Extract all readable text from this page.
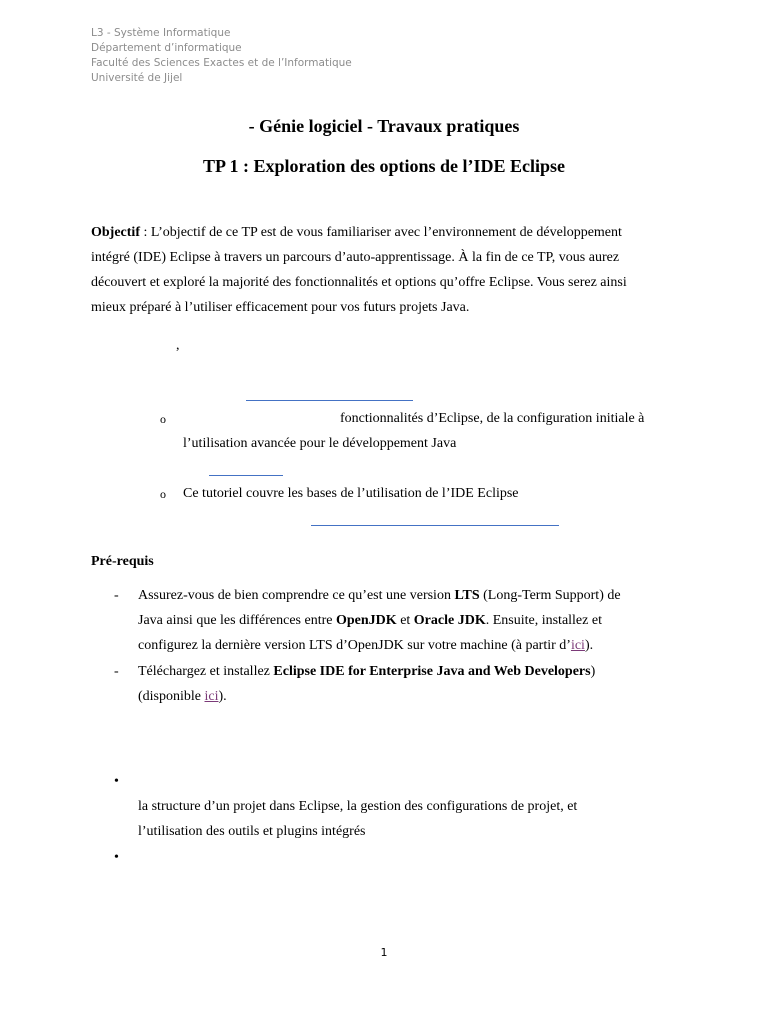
L3 - Système Informatique
Département d’informatique
Faculté des Sciences Exactes et de l’Informatique
Université de Jijel
- Génie logiciel - Travaux pratiques
TP 1 : Exploration des options de l’IDE Eclipse
Objectif : L’objectif de ce TP est de vous familiariser avec l’environnement de développement
intégré (IDE) Eclipse à travers un parcours d’auto-apprentissage. À la fin de ce TP, vous aurez
découvert et exploré la majorité des fonctionnalités et options qu’offre Eclipse. Vous serez ainsi
mieux préparé à l’utiliser efficacement pour vos futurs projets Java.
,
o	fonctionnalités d’Eclipse, de la configuration initiale à
l’utilisation avancée pour le développement Java
o Ce tutoriel couvre les bases de l’utilisation de l’IDE Eclipse
Pré-requis
- Assurez-vous de bien comprendre ce qu’est une version LTS (Long-Term Support) de
Java ainsi que les différences entre OpenJDK et Oracle JDK. Ensuite, installez et
configurez la dernière version LTS d’OpenJDK sur votre machine (à partir d’ici).
- Téléchargez et installez Eclipse IDE for Enterprise Java and Web Developers)
(disponible ici).
•
la structure d’un projet dans Eclipse, la gestion des configurations de projet, et
l’utilisation des outils et plugins intégrés
•
1
